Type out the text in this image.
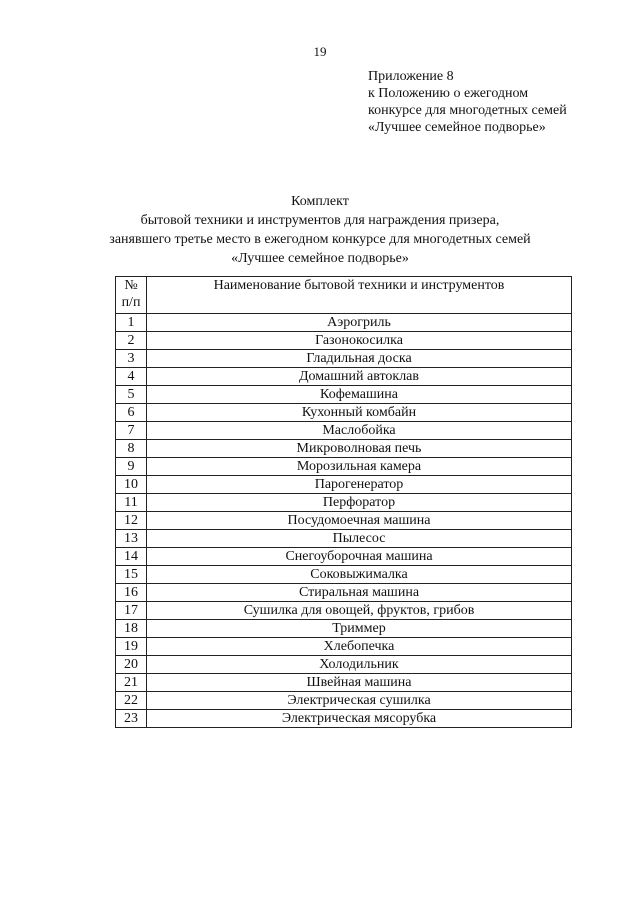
19
Приложение 8
к Положению о ежегодном
конкурсе для многодетных семей
«Лучшее семейное подворье»
Комплект
бытовой техники и инструментов для награждения призера,
занявшего третье место в ежегодном конкурсе для многодетных семей
«Лучшее семейное подворье»
№
п/п	Наименование бытовой техники и инструментов
1	Аэрогриль
2	Газонокосилка
3	Гладильная доска
4	Домашний автоклав
5	Кофемашина
6	Кухонный комбайн
7	Маслобойка
8	Микроволновая печь
9	Морозильная камера
10	Парогенератор
11	Перфоратор
12	Посудомоечная машина
13	Пылесос
14	Снегоуборочная машина
15	Соковыжималка
16	Стиральная машина
17	Сушилка для овощей, фруктов, грибов
18	Триммер
19	Хлебопечка
20	Холодильник
21	Швейная машина
22	Электрическая сушилка
23	Электрическая мясорубка
